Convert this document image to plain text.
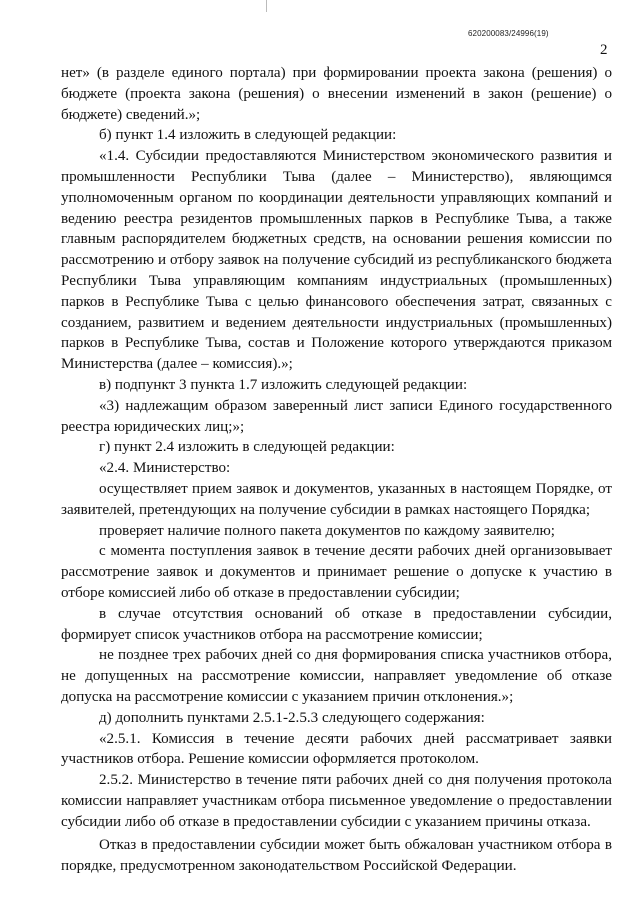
620200083/24996(19)
2

нет» (в разделе единого портала) при формировании проекта закона (решения) о бюджете (проекта закона (решения) о внесении изменений в закон (решение) о бюджете) сведений.»;

б) пункт 1.4 изложить в следующей редакции:

«1.4. Субсидии предоставляются Министерством экономического развития и промышленности Республики Тыва (далее – Министерство), являющимся уполномоченным органом по координации деятельности управляющих компаний и ведению реестра резидентов промышленных парков в Республике Тыва, а также главным распорядителем бюджетных средств, на основании решения комиссии по рассмотрению и отбору заявок на получение субсидий из республиканского бюджета Республики Тыва управляющим компаниям индустриальных (промышленных) парков в Республике Тыва с целью финансового обеспечения затрат, связанных с созданием, развитием и ведением деятельности индустриальных (промышленных) парков в Республике Тыва, состав и Положение которого утверждаются приказом Министерства (далее – комиссия).»;

в) подпункт 3 пункта 1.7 изложить следующей редакции:

«3) надлежащим образом заверенный лист записи Единого государственного реестра юридических лиц;»;

г) пункт 2.4 изложить в следующей редакции:

«2.4. Министерство:

осуществляет прием заявок и документов, указанных в настоящем Порядке, от заявителей, претендующих на получение субсидии в рамках настоящего Порядка;

проверяет наличие полного пакета документов по каждому заявителю;

с момента поступления заявок в течение десяти рабочих дней организовывает рассмотрение заявок и документов и принимает решение о допуске к участию в отборе комиссией либо об отказе в предоставлении субсидии;

в случае отсутствия оснований об отказе в предоставлении субсидии, формирует список участников отбора на рассмотрение комиссии;

не позднее трех рабочих дней со дня формирования списка участников отбора, не допущенных на рассмотрение комиссии, направляет уведомление об отказе допуска на рассмотрение комиссии с указанием причин отклонения.»;

д) дополнить пунктами 2.5.1-2.5.3 следующего содержания:

«2.5.1. Комиссия в течение десяти рабочих дней рассматривает заявки участников отбора. Решение комиссии оформляется протоколом.

2.5.2. Министерство в течение пяти рабочих дней со дня получения протокола комиссии направляет участникам отбора письменное уведомление о предоставлении субсидии либо об отказе в предоставлении субсидии с указанием причины отказа.

Отказ в предоставлении субсидии может быть обжалован участником отбора в порядке, предусмотренном законодательством Российской Федерации.
